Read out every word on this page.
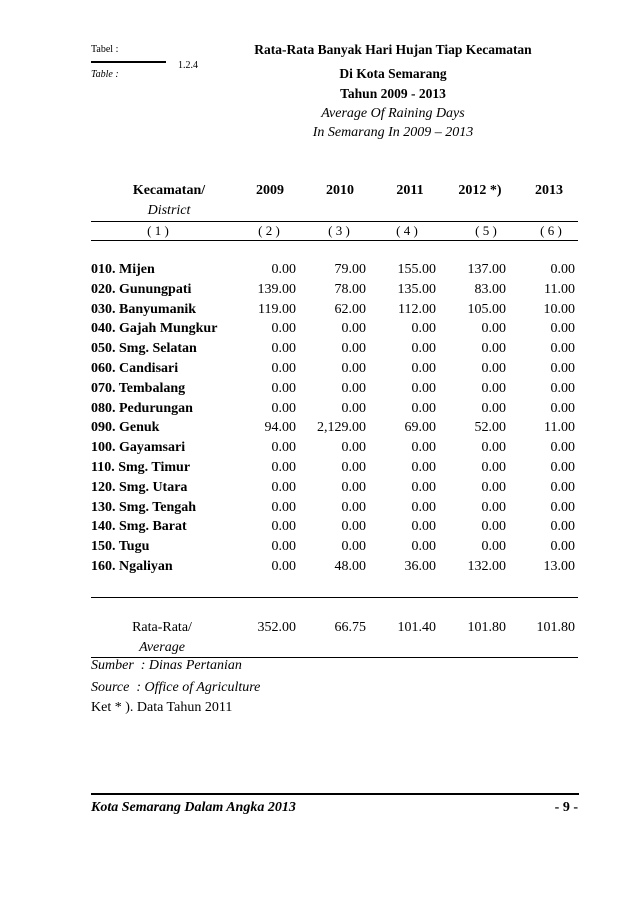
Tabel :
1.2.4
Table :
Rata-Rata Banyak Hari Hujan Tiap Kecamatan
Di Kota Semarang
Tahun 2009 - 2013
Average Of Raining Days
In Semarang In 2009 – 2013
Kecamatan/	2009	2010	2011	2012 *)	2013
District
( 1 )	( 2 )	( 3 )	( 4 )	( 5 )	( 6 )
010. Mijen	0.00	79.00	155.00	137.00	0.00
020. Gunungpati	139.00	78.00	135.00	83.00	11.00
030. Banyumanik	119.00	62.00	112.00	105.00	10.00
040. Gajah Mungkur	0.00	0.00	0.00	0.00	0.00
050. Smg. Selatan	0.00	0.00	0.00	0.00	0.00
060. Candisari	0.00	0.00	0.00	0.00	0.00
070. Tembalang	0.00	0.00	0.00	0.00	0.00
080. Pedurungan	0.00	0.00	0.00	0.00	0.00
090. Genuk	94.00	2,129.00	69.00	52.00	11.00
100. Gayamsari	0.00	0.00	0.00	0.00	0.00
110. Smg. Timur	0.00	0.00	0.00	0.00	0.00
120. Smg. Utara	0.00	0.00	0.00	0.00	0.00
130. Smg. Tengah	0.00	0.00	0.00	0.00	0.00
140. Smg. Barat	0.00	0.00	0.00	0.00	0.00
150. Tugu	0.00	0.00	0.00	0.00	0.00
160. Ngaliyan	0.00	48.00	36.00	132.00	13.00
Rata-Rata/	352.00	66.75	101.40	101.80	101.80
Average
Sumber  : Dinas Pertanian
Source  : Office of Agriculture
Ket * ). Data Tahun 2011
Kota Semarang Dalam Angka 2013	- 9 -
